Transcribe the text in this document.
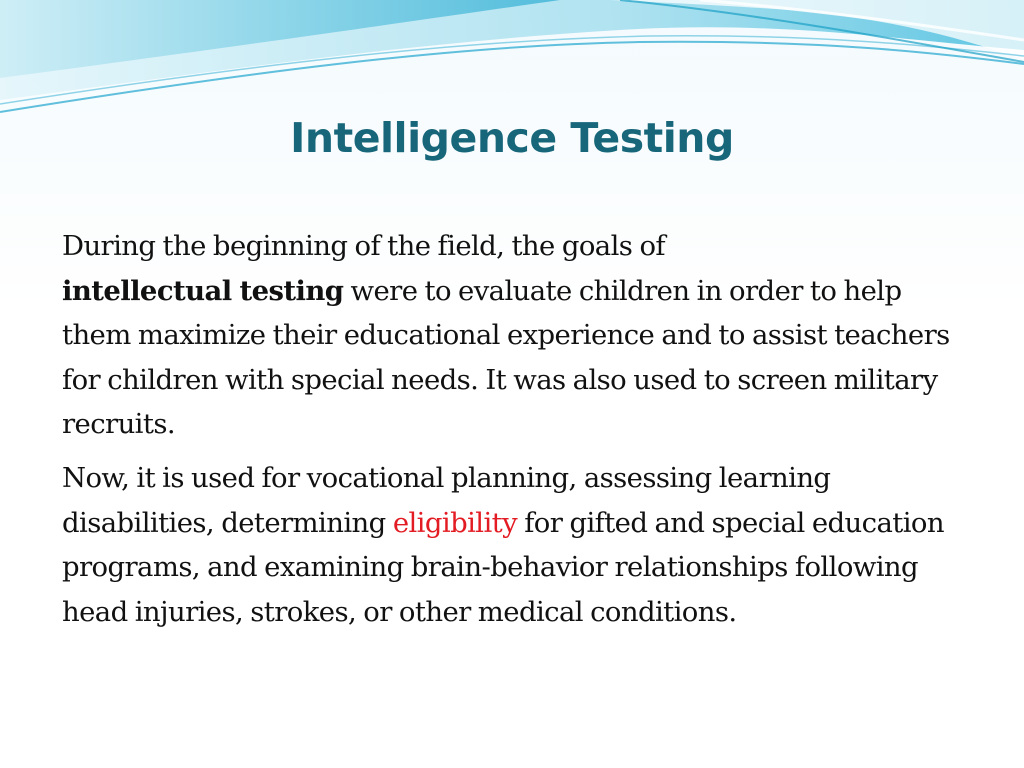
Intelligence Testing

During the beginning of the field, the goals of
intellectual testing were to evaluate children in order to help them maximize their educational experience and to assist teachers for children with special needs. It was also used to screen military recruits.

Now, it is used for vocational planning, assessing learning disabilities, determining eligibility for gifted and special education programs, and examining brain-behavior relationships following head injuries, strokes, or other medical conditions.
